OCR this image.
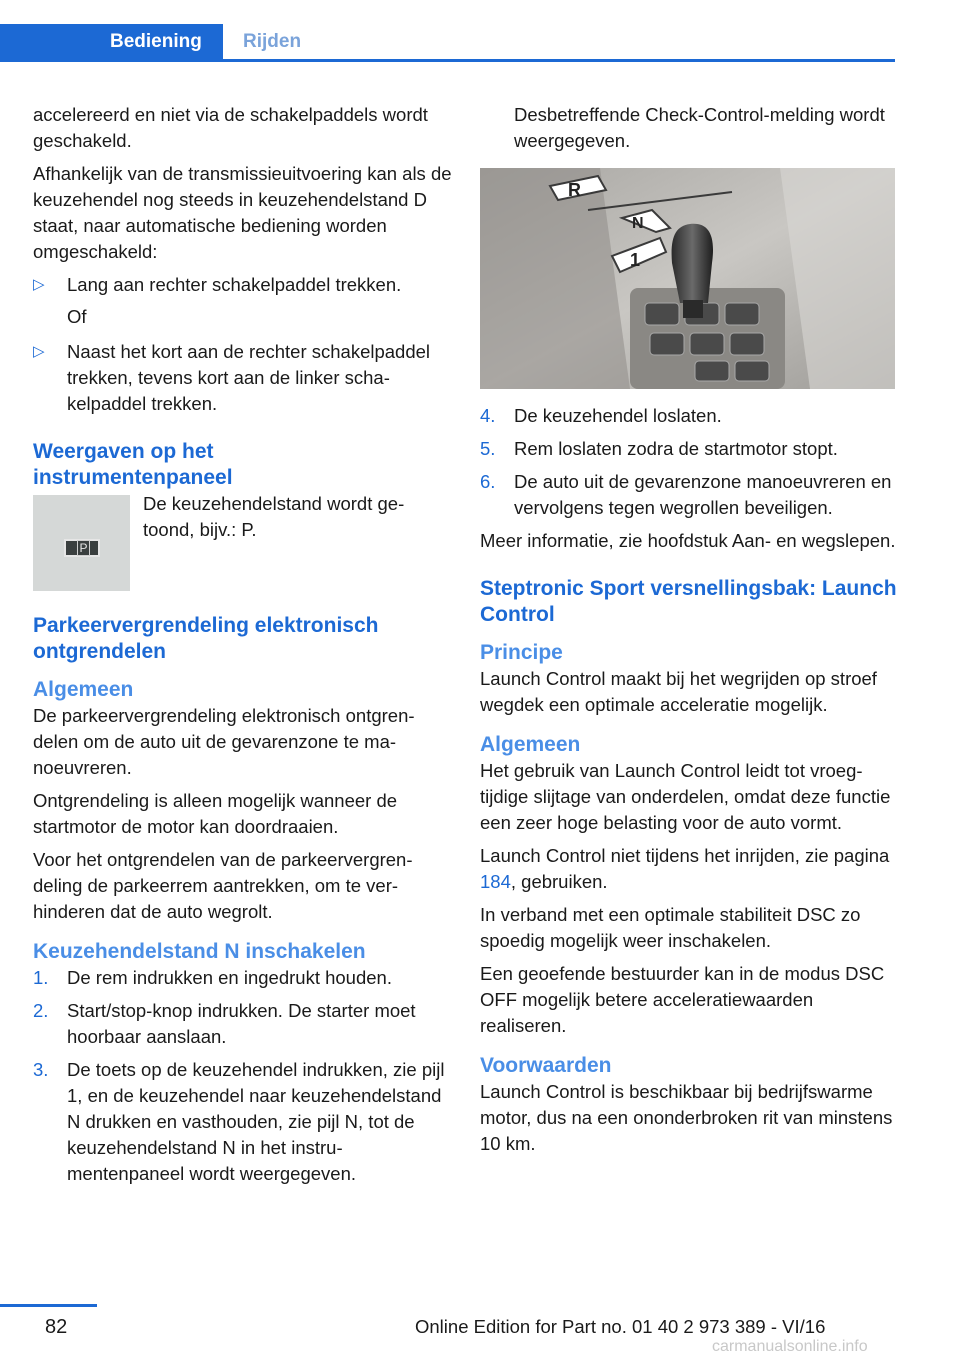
Bediening	Rijden

accelereerd en niet via de schakelpaddels wordt geschakeld.

Afhankelijk van de transmissieuitvoering kan als de keuzehendel nog steeds in keuzehendelstand D staat, naar automatische bediening worden omgeschakeld:

▷ Lang aan rechter schakelpaddel trekken.
Of
▷ Naast het kort aan de rechter schakelpaddel trekken, tevens kort aan de linker schakelpaddel trekken.
Weergaven op het instrumentenpaneel
P
De keuzehendelstand wordt getoond, bijv.: P.
Parkeervergrendeling elektronisch ontgrendelen
Algemeen

De parkeervergrendeling elektronisch ontgrendelen om de auto uit de gevarenzone te manoeuvreren.

Ontgrendeling is alleen mogelijk wanneer de startmotor de motor kan doordraaien.

Voor het ontgrendelen van de parkeervergrendeling de parkeerrem aantrekken, om te verhinderen dat de auto wegrolt.

Keuzehendelstand N inschakelen
1. De rem indrukken en ingedrukt houden.
2. Start/stop-knop indrukken. De starter moet hoorbaar aanslaan.
3. De toets op de keuzehendel indrukken, zie pijl 1, en de keuzehendel naar keuzehendelstand N drukken en vasthouden, zie pijl N, tot de keuzehendelstand N in het instrumentenpaneel wordt weergegeven.

Desbetreffende Check-Control-melding wordt weergegeven.

R
N
1
4. De keuzehendel loslaten.
5. Rem loslaten zodra de startmotor stopt.
6. De auto uit de gevarenzone manoeuvreren en vervolgens tegen wegrollen beveiligen.

Meer informatie, zie hoofdstuk Aan- en wegslepen.

Steptronic Sport versnellingsbak: Launch Control
Principe

Launch Control maakt bij het wegrijden op stroef wegdek een optimale acceleratie mogelijk.

Algemeen

Het gebruik van Launch Control leidt tot vroegtijdige slijtage van onderdelen, omdat deze functie een zeer hoge belasting voor de auto vormt.

Launch Control niet tijdens het inrijden, zie pagina 184, gebruiken.

In verband met een optimale stabiliteit DSC zo spoedig mogelijk weer inschakelen.

Een geoefende bestuurder kan in de modus DSC OFF mogelijk betere acceleratiewaarden realiseren.

Voorwaarden

Launch Control is beschikbaar bij bedrijfswarme motor, dus na een ononderbroken rit van minstens 10 km.

82	Online Edition for Part no. 01 40 2 973 389 - VI/16
carmanualsonline.info
